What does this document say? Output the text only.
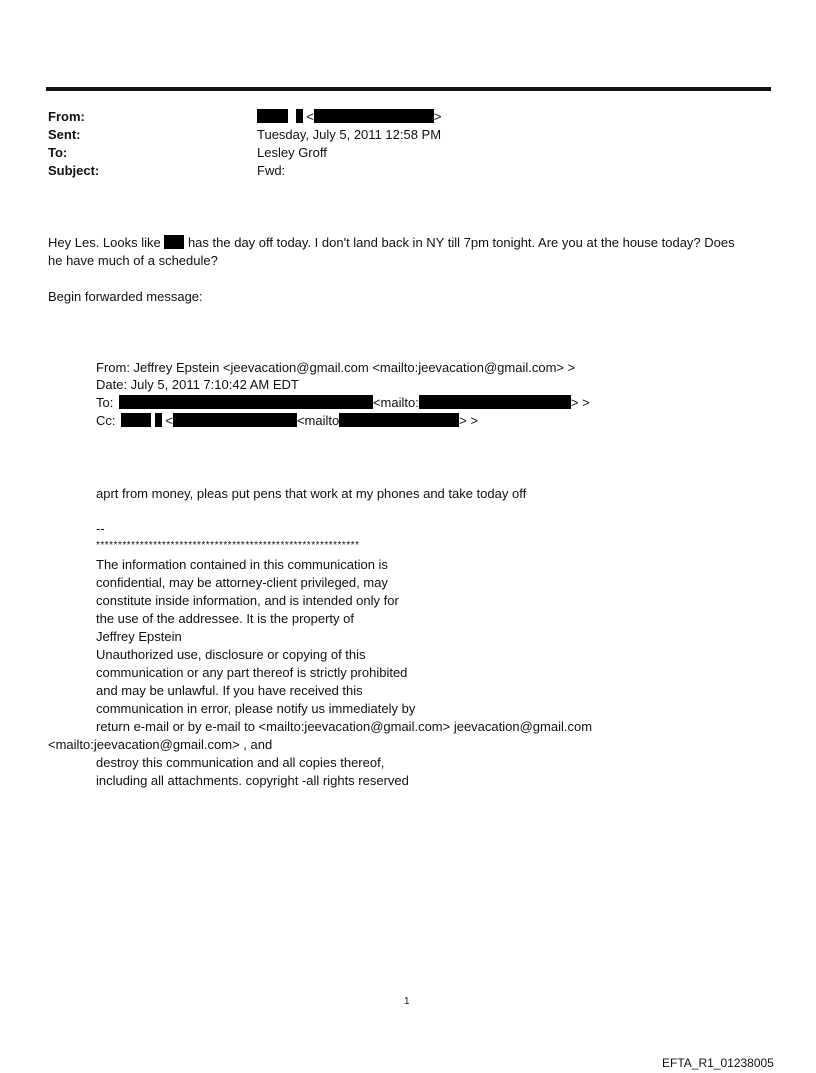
From:	<	>
Sent:	Tuesday, July 5, 2011 12:58 PM
To:	Lesley Groff
Subject:	Fwd:
Hey Les. Looks like  has the day off today. I don't land back in NY till 7pm tonight. Are you at the house today? Does
he have much of a schedule?
Begin forwarded message:
From: Jeffrey Epstein <jeevacation@gmail.com <mailto:jeevacation@gmail.com> >
Date: July 5, 2011 7:10:42 AM EDT
To:	<mailto:	> >
Cc:	<	<mailto	> >
aprt from money, pleas put pens that work at my phones and take today off
--
************************************************************
The information contained in this communication is
confidential, may be attorney-client privileged, may
constitute inside information, and is intended only for
the use of the addressee. It is the property of
Jeffrey Epstein
Unauthorized use, disclosure or copying of this
communication or any part thereof is strictly prohibited
and may be unlawful. If you have received this
communication in error, please notify us immediately by
return e-mail or by e-mail to <mailto:jeevacation@gmail.com> jeevacation@gmail.com
<mailto:jeevacation@gmail.com> , and
destroy this communication and all copies thereof,
including all attachments. copyright -all rights reserved
1
EFTA_R1_01238005
